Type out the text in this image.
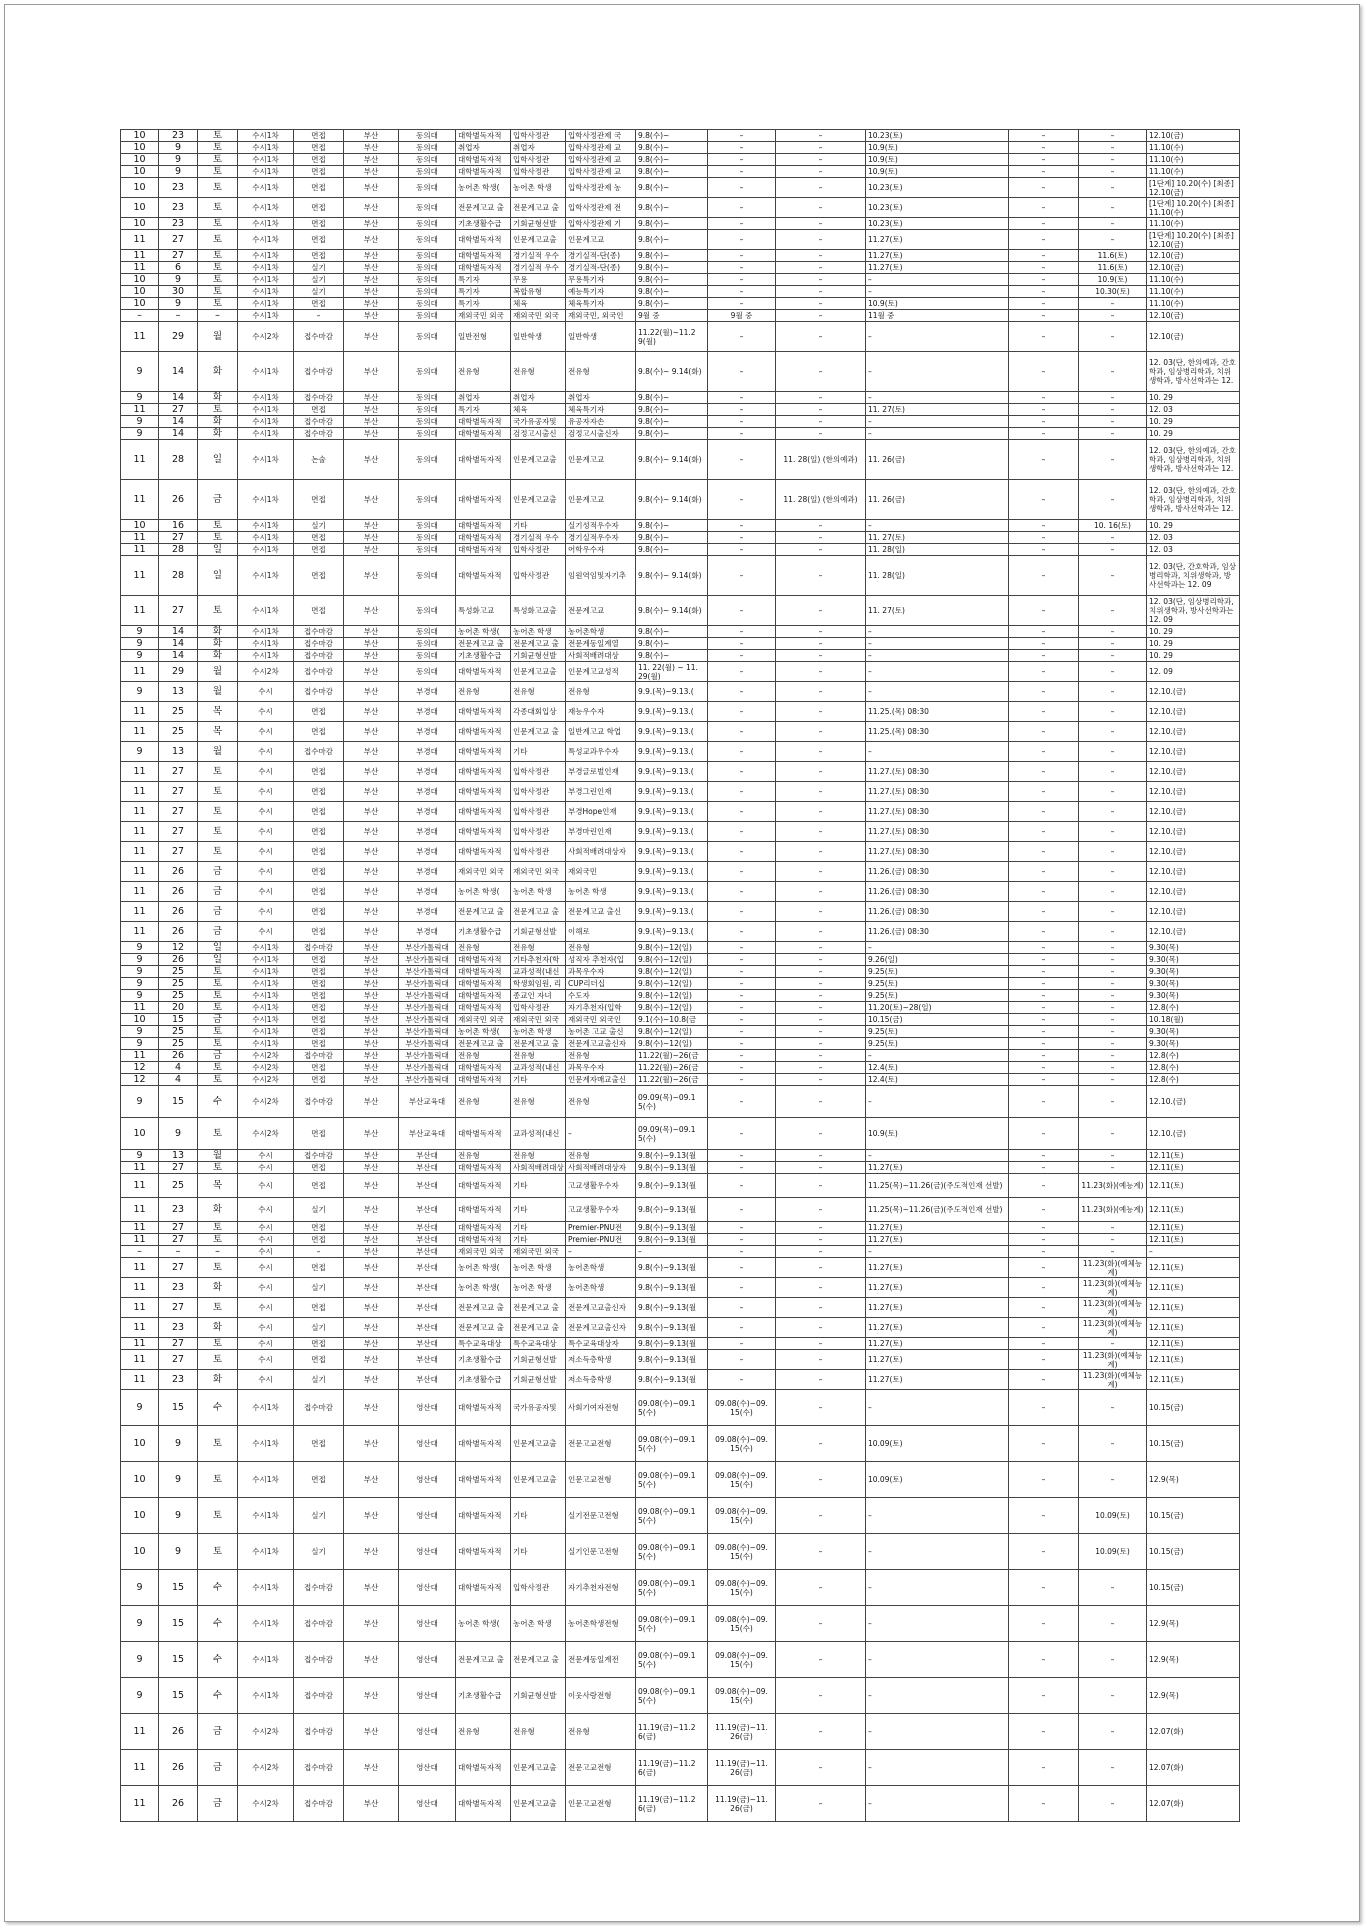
10	23	토	수시1차	면접	부산	동의대	대학별독자적	입학사정관	입학사정관제 국	9.8(수)~	–	–	10.23(토)	–	–	12.10(금)
10	9	토	수시1차	면접	부산	동의대	취업자	취업자	입학사정관제 교	9.8(수)~	–	–	10.9(토)	–	–	11.10(수)
10	9	토	수시1차	면접	부산	동의대	대학별독자적	입학사정관	입학사정관제 교	9.8(수)~	–	–	10.9(토)	–	–	11.10(수)
10	9	토	수시1차	면접	부산	동의대	대학별독자적	입학사정관	입학사정관제 교	9.8(수)~	–	–	10.9(토)	–	–	11.10(수)
10	23	토	수시1차	면접	부산	동의대	농어촌 학생(	농어촌 학생	입학사정관제 농	9.8(수)~	–	–	10.23(토)	–	–	[1단계] 10.20(수) [최종] 12.10(금)
10	23	토	수시1차	면접	부산	동의대	전문계고교 출	전문계고교 출	입학사정관제 전	9.8(수)~	–	–	10.23(토)	–	–	[1단계] 10.20(수) [최종] 11.10(수)
10	23	토	수시1차	면접	부산	동의대	기초생활수급	기회균형선발	입학사정관제 기	9.8(수)~	–	–	10.23(토)	–	–	11.10(수)
11	27	토	수시1차	면접	부산	동의대	대학별독자적	인문계고교출	인문계고교	9.8(수)~	–	–	11.27(토)	–	–	[1단계] 10.20(수) [최종] 12.10(금)
11	27	토	수시1차	면접	부산	동의대	대학별독자적	경기실적 우수	경기실적-단(종)	9.8(수)~	–	–	11.27(토)	–	11.6(토)	12.10(금)
11	6	토	수시1차	실기	부산	동의대	대학별독자적	경기실적 우수	경기실적-단(종)	9.8(수)~	–	–	11.27(토)	–	11.6(토)	12.10(금)
10	9	토	수시1차	실기	부산	동의대	특기자	무용	무용특기자	9.8(수)~	–	–	–	–	10.9(토)	11.10(수)
10	30	토	수시1차	실기	부산	동의대	특기자	복합유형	예능특기자	9.8(수)~	–	–	–	–	10.30(토)	11.10(수)
10	9	토	수시1차	면접	부산	동의대	특기자	체육	체육특기자	9.8(수)~	–	–	10.9(토)	–	–	11.10(수)
–	–	–	수시1차	–	부산	동의대	재외국민 외국	재외국민 외국	재외국민, 외국인	9월 중	9월 중	–	11월 중	–	–	12.10(금)
11	29	월	수시2차	접수마감	부산	동의대	일반전형	일반학생	일반학생	11.22(월)~11.2 9(월)	–	–	–	–	–	12.10(금)
9	14	화	수시1차	접수마감	부산	동의대	전유형	전유형	전유형	9.8(수)~ 9.14(화)	–	–	–	–	–	12. 03(단, 한의예과, 간호학과, 임상병리학과, 치위생학과, 방사선학과는 12.
9	14	화	수시1차	접수마감	부산	동의대	취업자	취업자	취업자	9.8(수)~	–	–	–	–	–	10. 29
11	27	토	수시1차	면접	부산	동의대	특기자	체육	체육특기자	9.8(수)~	–	–	11. 27(토)	–	–	12. 03
9	14	화	수시1차	접수마감	부산	동의대	대학별독자적	국가유공자및	유공자자손	9.8(수)~	–	–	–	–	–	10. 29
9	14	화	수시1차	접수마감	부산	동의대	대학별독자적	검정고시출신	검정고시출신자	9.8(수)~	–	–	–	–	–	10. 29
11	28	일	수시1차	논술	부산	동의대	대학별독자적	인문계고교출	인문계고교	9.8(수)~ 9.14(화)	–	11. 28(일) (한의예과)	11. 26(금)	–	–	12. 03(단, 한의예과, 간호학과, 임상병리학과, 치위생학과, 방사선학과는 12.
11	26	금	수시1차	면접	부산	동의대	대학별독자적	인문계고교출	인문계고교	9.8(수)~ 9.14(화)	–	11. 28(일) (한의예과)	11. 26(금)	–	–	12. 03(단, 한의예과, 간호학과, 임상병리학과, 치위생학과, 방사선학과는 12.
10	16	토	수시1차	실기	부산	동의대	대학별독자적	기타	실기성적우수자	9.8(수)~	–	–	–	–	10. 16(토)	10. 29
11	27	토	수시1차	면접	부산	동의대	대학별독자적	경기실적 우수	경기실적우수자	9.8(수)~	–	–	11. 27(토)	–	–	12. 03
11	28	일	수시1차	면접	부산	동의대	대학별독자적	입학사정관	어학우수자	9.8(수)~	–	–	11. 28(일)	–	–	12. 03
11	28	일	수시1차	면접	부산	동의대	대학별독자적	입학사정관	임원역임및자기추	9.8(수)~ 9.14(화)	–	–	11. 28(일)	–	–	12. 03(단, 간호학과, 임상병리학과, 치위생학과, 방사선학과는 12. 09
11	27	토	수시1차	면접	부산	동의대	특성화고교	특성화고교출	전문계고교	9.8(수)~ 9.14(화)	–	–	11. 27(토)	–	–	12. 03(단, 임상병리학과, 치위생학과, 방사선학과는 12. 09
9	14	화	수시1차	접수마감	부산	동의대	농어촌 학생(	농어촌 학생	농어촌학생	9.8(수)~	–	–	–	–	–	10. 29
9	14	화	수시1차	접수마감	부산	동의대	전문계고교 출	전문계고교 출	전문계동일계열	9.8(수)~	–	–	–	–	–	10. 29
9	14	화	수시1차	접수마감	부산	동의대	기초생활수급	기회균형선발	사회적배려대상	9.8(수)~	–	–	–	–	–	10. 29
11	29	월	수시2차	접수마감	부산	동의대	대학별독자적	인문계고교출	인문계고교성적	11. 22(월) ~ 11. 29(월)	–	–	–	–	–	12. 09
9	13	월	수시	접수마감	부산	부경대	전유형	전유형	전유형	9.9.(목)~9.13.(	–	–	–	–	–	12.10.(금)
11	25	목	수시	면접	부산	부경대	대학별독자적	각종대회입상	재능우수자	9.9.(목)~9.13.(	–	–	11.25.(목) 08:30	–	–	12.10.(금)
11	25	목	수시	면접	부산	부경대	대학별독자적	인문계고교 출	일반계고교 학업	9.9.(목)~9.13.(	–	–	11.25.(목) 08:30	–	–	12.10.(금)
9	13	월	수시	접수마감	부산	부경대	대학별독자적	기타	특성교과우수자	9.9.(목)~9.13.(	–	–	–	–	–	12.10.(금)
11	27	토	수시	면접	부산	부경대	대학별독자적	입학사정관	부경글로벌인재	9.9.(목)~9.13.(	–	–	11.27.(토) 08:30	–	–	12.10.(금)
11	27	토	수시	면접	부산	부경대	대학별독자적	입학사정관	부경그린인재	9.9.(목)~9.13.(	–	–	11.27.(토) 08:30	–	–	12.10.(금)
11	27	토	수시	면접	부산	부경대	대학별독자적	입학사정관	부경Hope인재	9.9.(목)~9.13.(	–	–	11.27.(토) 08:30	–	–	12.10.(금)
11	27	토	수시	면접	부산	부경대	대학별독자적	입학사정관	부경마린인재	9.9.(목)~9.13.(	–	–	11.27.(토) 08:30	–	–	12.10.(금)
11	27	토	수시	면접	부산	부경대	대학별독자적	입학사정관	사회적배려대상자	9.9.(목)~9.13.(	–	–	11.27.(토) 08:30	–	–	12.10.(금)
11	26	금	수시	면접	부산	부경대	재외국민 외국	재외국민 외국	재외국민	9.9.(목)~9.13.(	–	–	11.26.(금) 08:30	–	–	12.10.(금)
11	26	금	수시	면접	부산	부경대	농어촌 학생(	농어촌 학생	농어촌 학생	9.9.(목)~9.13.(	–	–	11.26.(금) 08:30	–	–	12.10.(금)
11	26	금	수시	면접	부산	부경대	전문계고교 출	전문계고교 출	전문계고교 출신	9.9.(목)~9.13.(	–	–	11.26.(금) 08:30	–	–	12.10.(금)
11	26	금	수시	면접	부산	부경대	기초생활수급	기회균형선발	이해로	9.9.(목)~9.13.(	–	–	11.26.(금) 08:30	–	–	12.10.(금)
9	12	일	수시1차	접수마감	부산	부산가톨릭대	전유형	전유형	전유형	9.8(수)~12(일)	–	–	–	–	–	9.30(목)
9	26	일	수시1차	면접	부산	부산가톨릭대	대학별독자적	기타추천자(학	성직자 추천자(입	9.8(수)~12(일)	–	–	9.26(일)	–	–	9.30(목)
9	25	토	수시1차	면접	부산	부산가톨릭대	대학별독자적	교과성적(내신	과목우수자	9.8(수)~12(일)	–	–	9.25(토)	–	–	9.30(목)
9	25	토	수시1차	면접	부산	부산가톨릭대	대학별독자적	학생회임원, 리	CUP리더십	9.8(수)~12(일)	–	–	9.25(토)	–	–	9.30(목)
9	25	토	수시1차	면접	부산	부산가톨릭대	대학별독자적	종교인 자녀	수도자	9.8(수)~12(일)	–	–	9.25(토)	–	–	9.30(목)
11	20	토	수시1차	면접	부산	부산가톨릭대	대학별독자적	입학사정관	자기추천자(입학	9.8(수)~12(일)	–	–	11.20(토)~28(일)	–	–	12.8(수)
10	15	금	수시1차	면접	부산	부산가톨릭대	재외국민 외국	재외국민 외국	재외국민 외국인	9.1(수)~10.8(금	–	–	10.15(금)	–	–	10.18(월)
9	25	토	수시1차	면접	부산	부산가톨릭대	농어촌 학생(	농어촌 학생	농어촌 고교 출신	9.8(수)~12(일)	–	–	9.25(토)	–	–	9.30(목)
9	25	토	수시1차	면접	부산	부산가톨릭대	전문계고교 출	전문계고교 출	전문계고교출신자	9.8(수)~12(일)	–	–	9.25(토)	–	–	9.30(목)
11	26	금	수시2차	접수마감	부산	부산가톨릭대	전유형	전유형	전유형	11.22(월)~26(금	–	–	–	–	–	12.8(수)
12	4	토	수시2차	면접	부산	부산가톨릭대	대학별독자적	교과성적(내신	과목우수자	11.22(월)~26(금	–	–	12.4(토)	–	–	12.8(수)
12	4	토	수시2차	면접	부산	부산가톨릭대	대학별독자적	기타	인문계자매교출신	11.22(월)~26(금	–	–	12.4(토)	–	–	12.8(수)
9	15	수	수시2차	접수마감	부산	부산교육대	전유형	전유형	전유형	09.09(목)~09.1 5(수)	–	–	–	–	–	12.10.(금)
10	9	토	수시2차	면접	부산	부산교육대	대학별독자적	교과성적(내신	–	09.09(목)~09.1 5(수)	–	–	10.9(토)	–	–	12.10.(금)
9	13	월	수시	접수마감	부산	부산대	전유형	전유형	전유형	9.8(수)~9.13(월	–	–	–	–	–	12.11(토)
11	27	토	수시	면접	부산	부산대	대학별독자적	사회적배려대상	사회적배려대상자	9.8(수)~9.13(월	–	–	11.27(토)	–	–	12.11(토)
11	25	목	수시	면접	부산	부산대	대학별독자적	기타	고교생활우수자	9.8(수)~9.13(월	–	–	11.25(목)~11.26(금)(주도적인재 선발)	–	11.23(화)(예능계)	12.11(토)
11	23	화	수시	실기	부산	부산대	대학별독자적	기타	고교생활우수자	9.8(수)~9.13(월	–	–	11.25(목)~11.26(금)(주도적인재 선발)	–	11.23(화)(예능계)	12.11(토)
11	27	토	수시	면접	부산	부산대	대학별독자적	기타	Premier-PNU전	9.8(수)~9.13(월	–	–	11.27(토)	–	–	12.11(토)
11	27	토	수시	면접	부산	부산대	대학별독자적	기타	Premier-PNU전	9.8(수)~9.13(월	–	–	11.27(토)	–	–	12.11(토)
–	–	–	수시	–	부산	부산대	재외국민 외국	재외국민 외국	–	–	–	–	–	–	–	–
11	27	토	수시	면접	부산	부산대	농어촌 학생(	농어촌 학생	농어촌학생	9.8(수)~9.13(월	–	–	11.27(토)	–	11.23(화)(예체능계)	12.11(토)
11	23	화	수시	실기	부산	부산대	농어촌 학생(	농어촌 학생	농어촌학생	9.8(수)~9.13(월	–	–	11.27(토)	–	11.23(화)(예체능계)	12.11(토)
11	27	토	수시	면접	부산	부산대	전문계고교 출	전문계고교 출	전문계고교출신자	9.8(수)~9.13(월	–	–	11.27(토)	–	11.23(화)(예체능계)	12.11(토)
11	23	화	수시	실기	부산	부산대	전문계고교 출	전문계고교 출	전문계고교출신자	9.8(수)~9.13(월	–	–	11.27(토)	–	11.23(화)(예체능계)	12.11(토)
11	27	토	수시	면접	부산	부산대	특수교육대상	특수교육대상	특수교육대상자	9.8(수)~9.13(월	–	–	11.27(토)	–	–	12.11(토)
11	27	토	수시	면접	부산	부산대	기초생활수급	기회균형선발	저소득층학생	9.8(수)~9.13(월	–	–	11.27(토)	–	11.23(화)(예체능계)	12.11(토)
11	23	화	수시	실기	부산	부산대	기초생활수급	기회균형선발	저소득층학생	9.8(수)~9.13(월	–	–	11.27(토)	–	11.23(화)(예체능계)	12.11(토)
9	15	수	수시1차	접수마감	부산	영산대	대학별독자적	국가유공자및	사회기여자전형	09.08(수)~09.1 5(수)	09.08(수)~09. 15(수)	–	–	–	–	10.15(금)
10	9	토	수시1차	면접	부산	영산대	대학별독자적	인문계고교출	전문고교전형	09.08(수)~09.1 5(수)	09.08(수)~09. 15(수)	–	10.09(토)	–	–	10.15(금)
10	9	토	수시1차	면접	부산	영산대	대학별독자적	인문계고교출	인문고교전형	09.08(수)~09.1 5(수)	09.08(수)~09. 15(수)	–	10.09(토)	–	–	12.9(목)
10	9	토	수시1차	실기	부산	영산대	대학별독자적	기타	실기전문고전형	09.08(수)~09.1 5(수)	09.08(수)~09. 15(수)	–	–	–	10.09(토)	10.15(금)
10	9	토	수시1차	실기	부산	영산대	대학별독자적	기타	실기인문고전형	09.08(수)~09.1 5(수)	09.08(수)~09. 15(수)	–	–	–	10.09(토)	10.15(금)
9	15	수	수시1차	접수마감	부산	영산대	대학별독자적	입학사정관	자기추천자전형	09.08(수)~09.1 5(수)	09.08(수)~09. 15(수)	–	–	–	–	10.15(금)
9	15	수	수시1차	접수마감	부산	영산대	농어촌 학생(	농어촌 학생	농어촌학생전형	09.08(수)~09.1 5(수)	09.08(수)~09. 15(수)	–	–	–	–	12.9(목)
9	15	수	수시1차	접수마감	부산	영산대	전문계고교 출	전문계고교 출	전문계동일계전	09.08(수)~09.1 5(수)	09.08(수)~09. 15(수)	–	–	–	–	12.9(목)
9	15	수	수시1차	접수마감	부산	영산대	기초생활수급	기회균형선발	이웃사랑전형	09.08(수)~09.1 5(수)	09.08(수)~09. 15(수)	–	–	–	–	12.9(목)
11	26	금	수시2차	접수마감	부산	영산대	전유형	전유형	전유형	11.19(금)~11.2 6(금)	11.19(금)~11. 26(금)	–	–	–	–	12.07(화)
11	26	금	수시2차	접수마감	부산	영산대	대학별독자적	인문계고교출	전문고교전형	11.19(금)~11.2 6(금)	11.19(금)~11. 26(금)	–	–	–	–	12.07(화)
11	26	금	수시2차	접수마감	부산	영산대	대학별독자적	인문계고교출	인문고교전형	11.19(금)~11.2 6(금)	11.19(금)~11. 26(금)	–	–	–	–	12.07(화)
